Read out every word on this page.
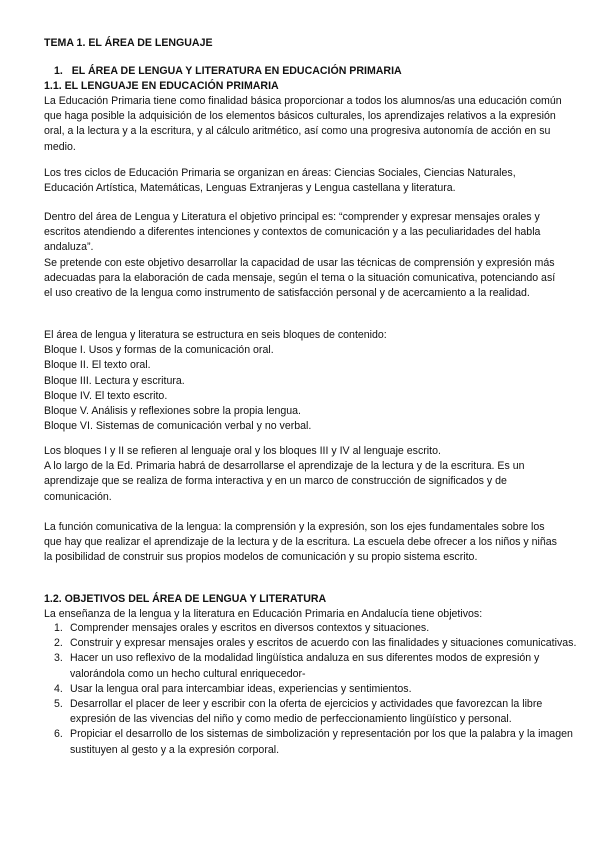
TEMA 1. EL ÁREA DE LENGUAJE

1. EL ÁREA DE LENGUA Y LITERATURA EN EDUCACIÓN PRIMARIA

1.1. EL LENGUAJE EN EDUCACIÓN PRIMARIA

La Educación Primaria tiene como finalidad básica proporcionar a todos los alumnos/as una educación común que haga posible la adquisición de los elementos básicos culturales, los aprendizajes relativos a la expresión oral, a la lectura y a la escritura, y al cálculo aritmético, así como una progresiva autonomía de acción en su medio.

Los tres ciclos de Educación Primaria se organizan en áreas: Ciencias Sociales, Ciencias Naturales, Educación Artística, Matemáticas, Lenguas Extranjeras y Lengua castellana y literatura.

Dentro del área de Lengua y Literatura el objetivo principal es: “comprender y expresar mensajes orales y escritos atendiendo a diferentes intenciones y contextos de comunicación y a las peculiaridades del habla andaluza”.

Se pretende con este objetivo desarrollar la capacidad de usar las técnicas de comprensión y expresión más adecuadas para la elaboración de cada mensaje, según el tema o la situación comunicativa, potenciando así el uso creativo de la lengua como instrumento de satisfacción personal y de acercamiento a la realidad.

El área de lengua y literatura se estructura en seis bloques de contenido:
Bloque I. Usos y formas de la comunicación oral.
Bloque II. El texto oral.
Bloque III. Lectura y escritura.
Bloque IV. El texto escrito.
Bloque V. Análisis y reflexiones sobre la propia lengua.
Bloque VI. Sistemas de comunicación verbal y no verbal.
Los bloques I y II se refieren al lenguaje oral y los bloques III y IV al lenguaje escrito.
A lo largo de la Ed. Primaria habrá de desarrollarse el aprendizaje de la lectura y de la escritura. Es un aprendizaje que se realiza de forma interactiva y en un marco de construcción de significados y de comunicación.

La función comunicativa de la lengua: la comprensión y la expresión, son los ejes fundamentales sobre los que hay que realizar el aprendizaje de la lectura y de la escritura. La escuela debe ofrecer a los niños y niñas la posibilidad de construir sus propios modelos de comunicación y su propio sistema escrito.

1.2. OBJETIVOS DEL ÁREA DE LENGUA Y LITERATURA

La enseñanza de la lengua y la literatura en Educación Primaria en Andalucía tiene objetivos:

1. Comprender mensajes orales y escritos en diversos contextos y situaciones.
2. Construir y expresar mensajes orales y escritos de acuerdo con las finalidades y situaciones comunicativas.
3. Hacer un uso reflexivo de la modalidad lingüística andaluza en sus diferentes modos de expresión y valorándola como un hecho cultural enriquecedor-
4. Usar la lengua oral para intercambiar ideas, experiencias y sentimientos.
5. Desarrollar el placer de leer y escribir con la oferta de ejercicios y actividades que favorezcan la libre expresión de las vivencias del niño y como medio de perfeccionamiento lingüístico y personal.
6. Propiciar el desarrollo de los sistemas de simbolización y representación por los que la palabra y la imagen sustituyen al gesto y a la expresión corporal.
